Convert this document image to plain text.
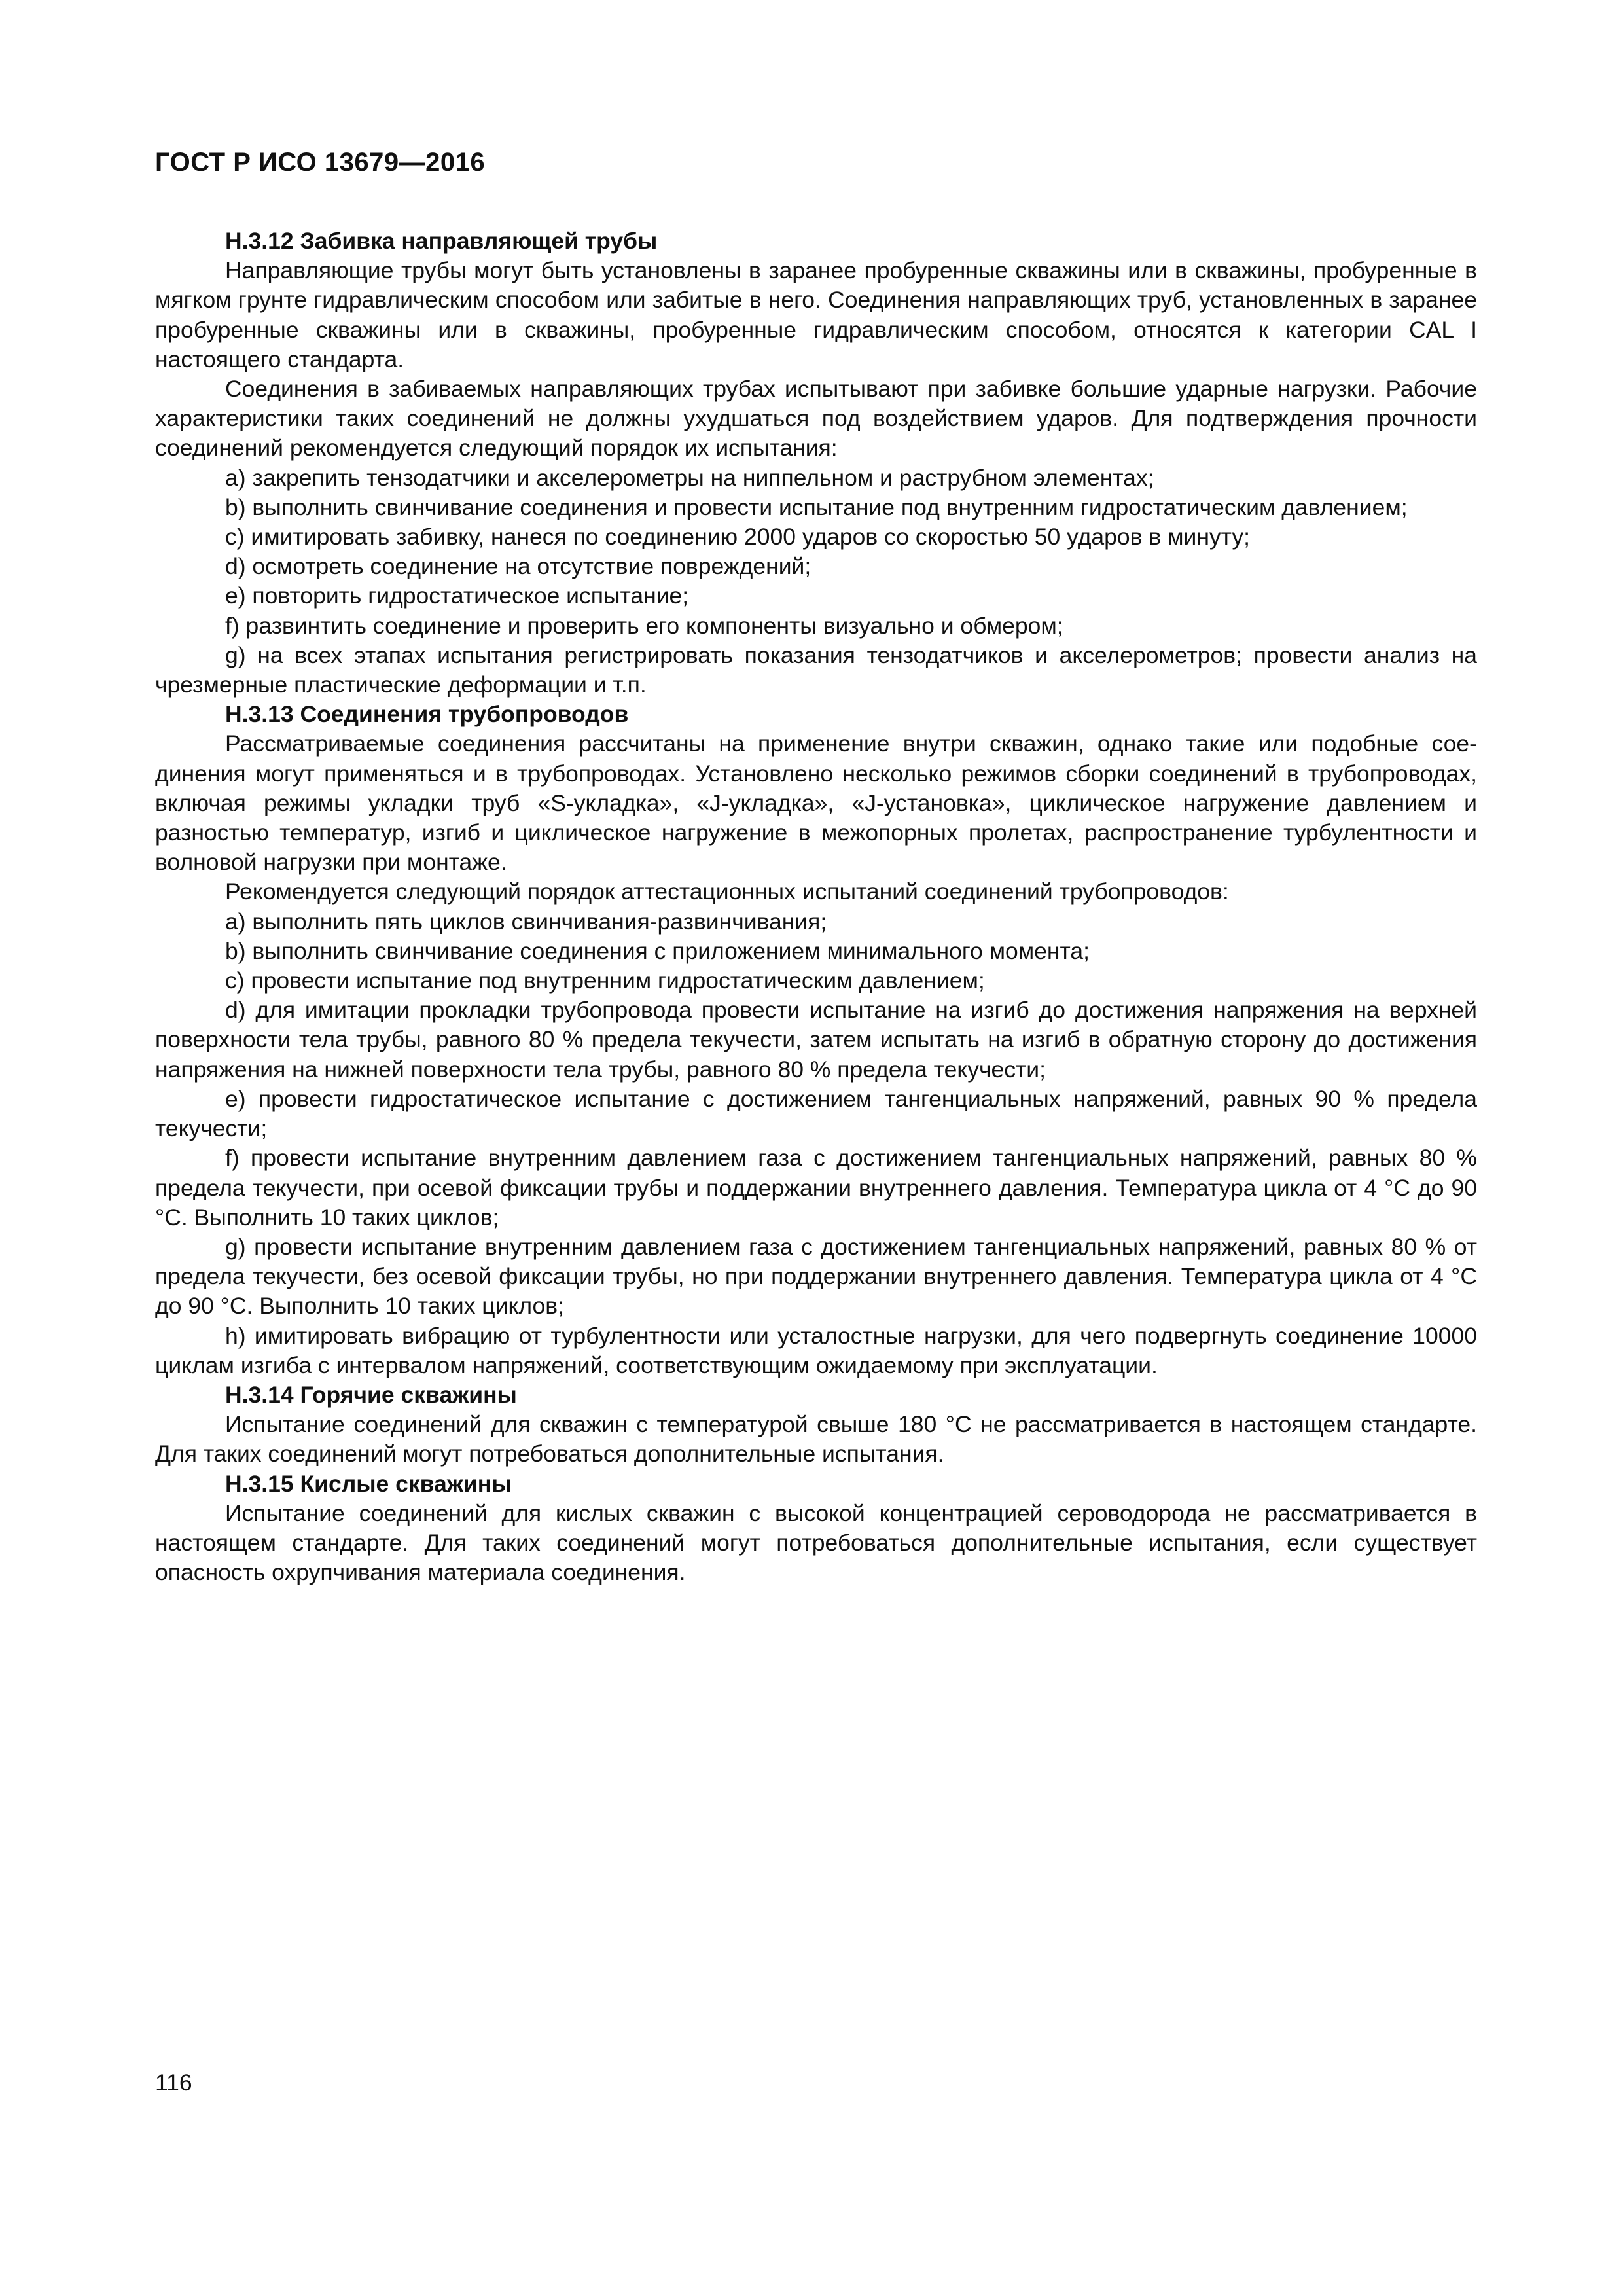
ГОСТ Р ИСО 13679—2016
H.3.12 Забивка направляющей трубы

Направляющие трубы могут быть установлены в заранее пробуренные скважины или в скважины, пробуренные в мягком грунте гидравлическим способом или забитые в него. Соединения направляющих труб, установленных в заранее пробуренные скважины или в скважины, пробуренные гидравлическим способом, относятся к категории CAL I настоящего стандарта.

Соединения в забиваемых направляющих трубах испытывают при забивке большие ударные нагрузки. Рабочие характеристики таких соединений не должны ухудшаться под воздействием ударов. Для подтверждения прочности соединений рекомендуется следующий порядок их испытания:

a) закрепить тензодатчики и акселерометры на ниппельном и раструбном элементах;

b) выполнить свинчивание соединения и провести испытание под внутренним гидростатическим давлением;

c) имитировать забивку, нанеся по соединению 2000 ударов со скоростью 50 ударов в минуту;

d) осмотреть соединение на отсутствие повреждений;

e) повторить гидростатическое испытание;

f) развинтить соединение и проверить его компоненты визуально и обмером;

g) на всех этапах испытания регистрировать показания тензодатчиков и акселерометров; провести анализ на чрезмерные пластические деформации и т.п.

H.3.13 Соединения трубопроводов

Рассматриваемые соединения рассчитаны на применение внутри скважин, однако такие или подобные соединения могут применяться и в трубопроводах. Установлено несколько режимов сборки соединений в трубопроводах, включая режимы укладки труб «S-укладка», «J-укладка», «J-установка», циклическое нагружение давлением и разностью температур, изгиб и циклическое нагружение в межопорных пролетах, распространение турбулентности и волновой нагрузки при монтаже.

Рекомендуется следующий порядок аттестационных испытаний соединений трубопроводов:

a) выполнить пять циклов свинчивания-развинчивания;

b) выполнить свинчивание соединения с приложением минимального момента;

c) провести испытание под внутренним гидростатическим давлением;

d) для имитации прокладки трубопровода провести испытание на изгиб до достижения напряжения на верхней поверхности тела трубы, равного 80 % предела текучести, затем испытать на изгиб в обратную сторону до достижения напряжения на нижней поверхности тела трубы, равного 80 % предела текучести;

e) провести гидростатическое испытание с достижением тангенциальных напряжений, равных 90 % предела текучести;

f) провести испытание внутренним давлением газа с достижением тангенциальных напряжений, равных 80 % предела текучести, при осевой фиксации трубы и поддержании внутреннего давления. Температура цикла от 4 °C до 90 °C. Выполнить 10 таких циклов;

g) провести испытание внутренним давлением газа с достижением тангенциальных напряжений, равных 80 % от предела текучести, без осевой фиксации трубы, но при поддержании внутреннего давления. Температура цикла от 4 °C до 90 °C. Выполнить 10 таких циклов;

h) имитировать вибрацию от турбулентности или усталостные нагрузки, для чего подвергнуть соединение 10000 циклам изгиба с интервалом напряжений, соответствующим ожидаемому при эксплуатации.

H.3.14 Горячие скважины

Испытание соединений для скважин с температурой свыше 180 °C не рассматривается в настоящем стандарте. Для таких соединений могут потребоваться дополнительные испытания.

H.3.15 Кислые скважины

Испытание соединений для кислых скважин с высокой концентрацией сероводорода не рассматривается в настоящем стандарте. Для таких соединений могут потребоваться дополнительные испытания, если существует опасность охрупчивания материала соединения.

116
